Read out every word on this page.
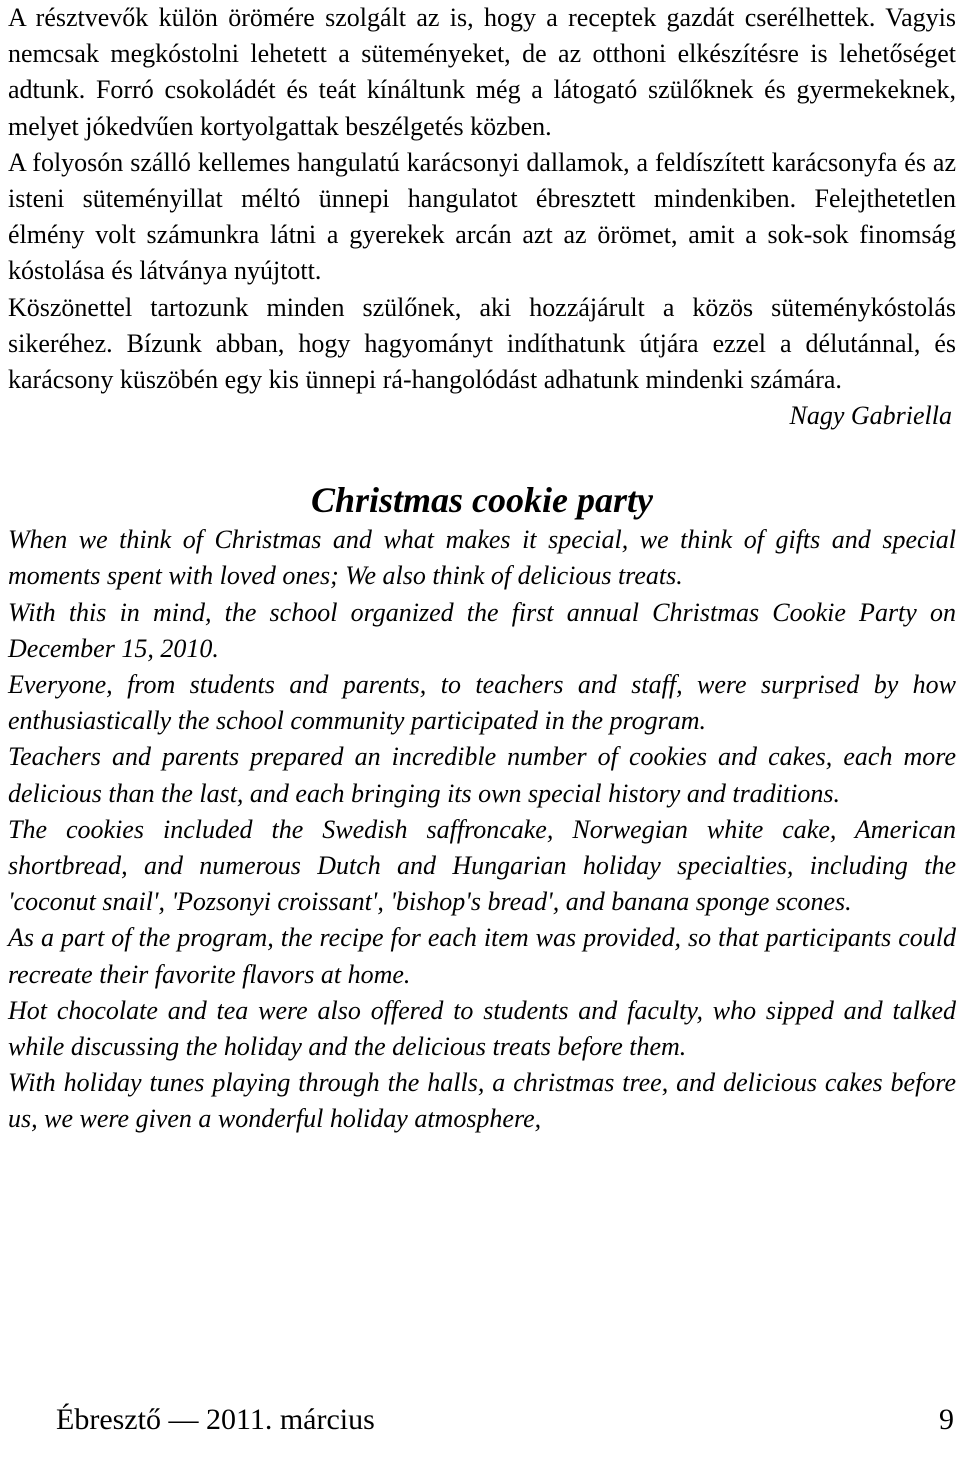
A résztvevők külön örömére szolgált az is, hogy a receptek gazdát cserélhettek. Vagyis nemcsak megkóstolni lehetett a süteményeket, de az otthoni elkészítésre is lehetőséget adtunk. Forró csokoládét és teát kínáltunk még a látogató szülőknek és gyermekeknek, melyet jókedvűen kortyolgattak beszélgetés közben.

A folyosón szálló kellemes hangulatú karácsonyi dallamok, a feldíszített karácsonyfa és az isteni süteményillat méltó ünnepi hangulatot ébresztett mindenkiben. Felejthetetlen élmény volt számunkra látni a gyerekek arcán azt az örömet, amit a sok-sok finomság kóstolása és látványa nyújtott.

Köszönettel tartozunk minden szülőnek, aki hozzájárult a közös süteménykóstolás sikeréhez. Bízunk abban, hogy hagyományt indíthatunk útjára ezzel a délutánnal, és karácsony küszöbén egy kis ünnepi rá-hangolódást adhatunk mindenki számára.

Nagy Gabriella

Christmas cookie party

When we think of Christmas and what makes it special, we think of gifts and special moments spent with loved ones; We also think of delicious treats.

With this in mind, the school organized the first annual Christmas Cookie Party on December 15, 2010.

Everyone, from students and parents, to teachers and staff, were surprised by how enthusiastically the school community participated in the program.

Teachers and parents prepared an incredible number of cookies and cakes, each more delicious than the last, and each bringing its own special history and traditions.

The cookies included the Swedish saffroncake, Norwegian white cake, American shortbread, and numerous Dutch and Hungarian holiday specialties, including the 'coconut snail', 'Pozsonyi croissant', 'bishop's bread', and banana sponge scones.

As a part of the program, the recipe for each item was provided, so that participants could recreate their favorite flavors at home.

Hot chocolate and tea were also offered to students and faculty, who sipped and talked while discussing the holiday and the delicious treats before them.

With holiday tunes playing through the halls, a christmas tree, and delicious cakes before us, we were given a wonderful holiday atmosphere,

Ébresztő — 2011. március	9
